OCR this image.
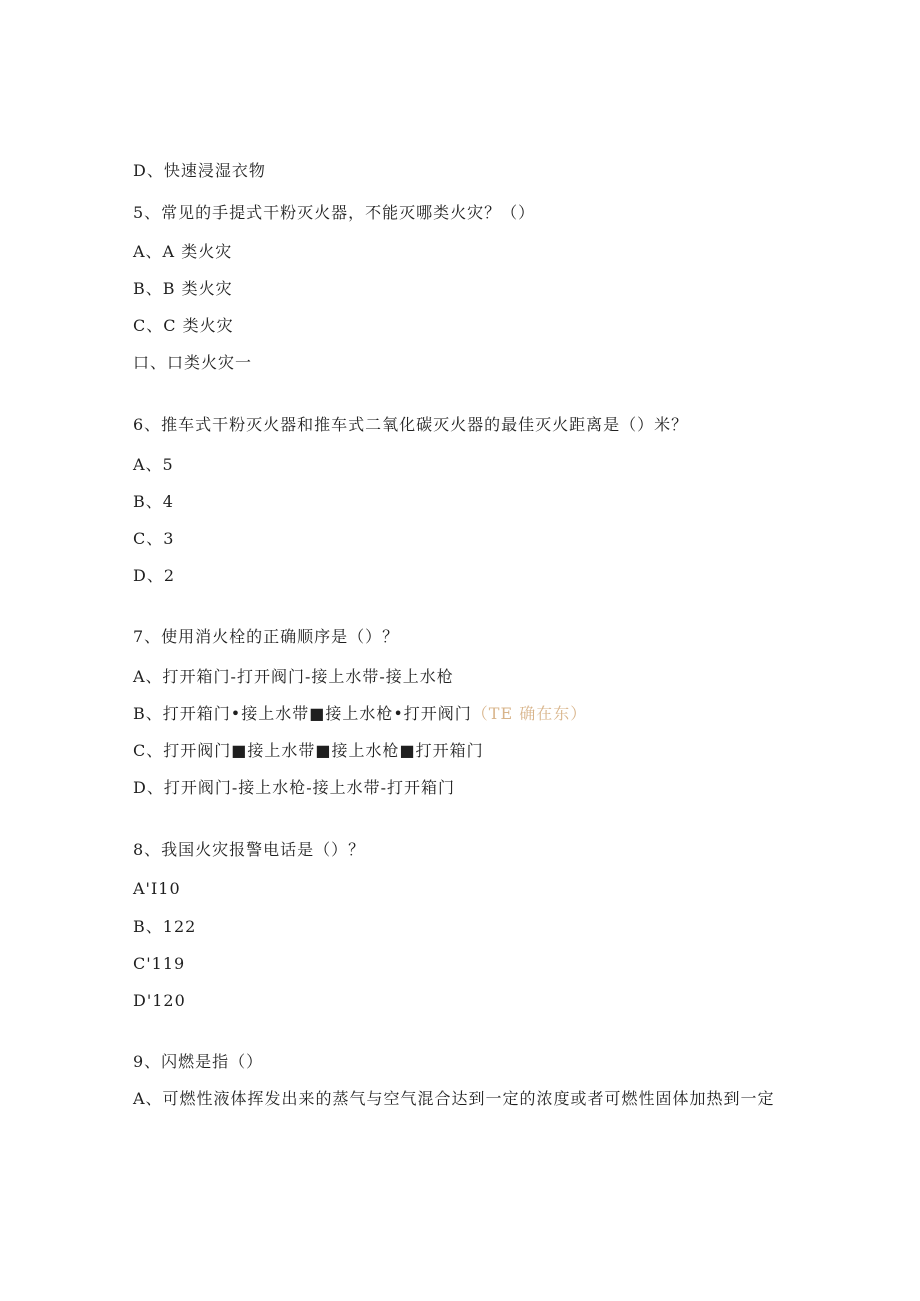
D、快速浸湿衣物
5、常见的手提式干粉灭火器，不能灭哪类火灾？（）
A、A 类火灾
B、B 类火灾
C、C 类火灾
口、口类火灾一
6、推车式干粉灭火器和推车式二氧化碳灭火器的最佳灭火距离是（）米？
A、5
B、4
C、3
D、2
7、使用消火栓的正确顺序是（）？
A、打开箱门-打开阀门-接上水带-接上水枪
B、打开箱门•接上水带■接上水枪•打开阀门（TE 确在东）
C、打开阀门■接上水带■接上水枪■打开箱门
D、打开阀门-接上水枪-接上水带-打开箱门
8、我国火灾报警电话是（）？
A'I10
B、122
C'119
D'120
9、闪燃是指（）
A、可燃性液体挥发出来的蒸气与空气混合达到一定的浓度或者可燃性固体加热到一定
